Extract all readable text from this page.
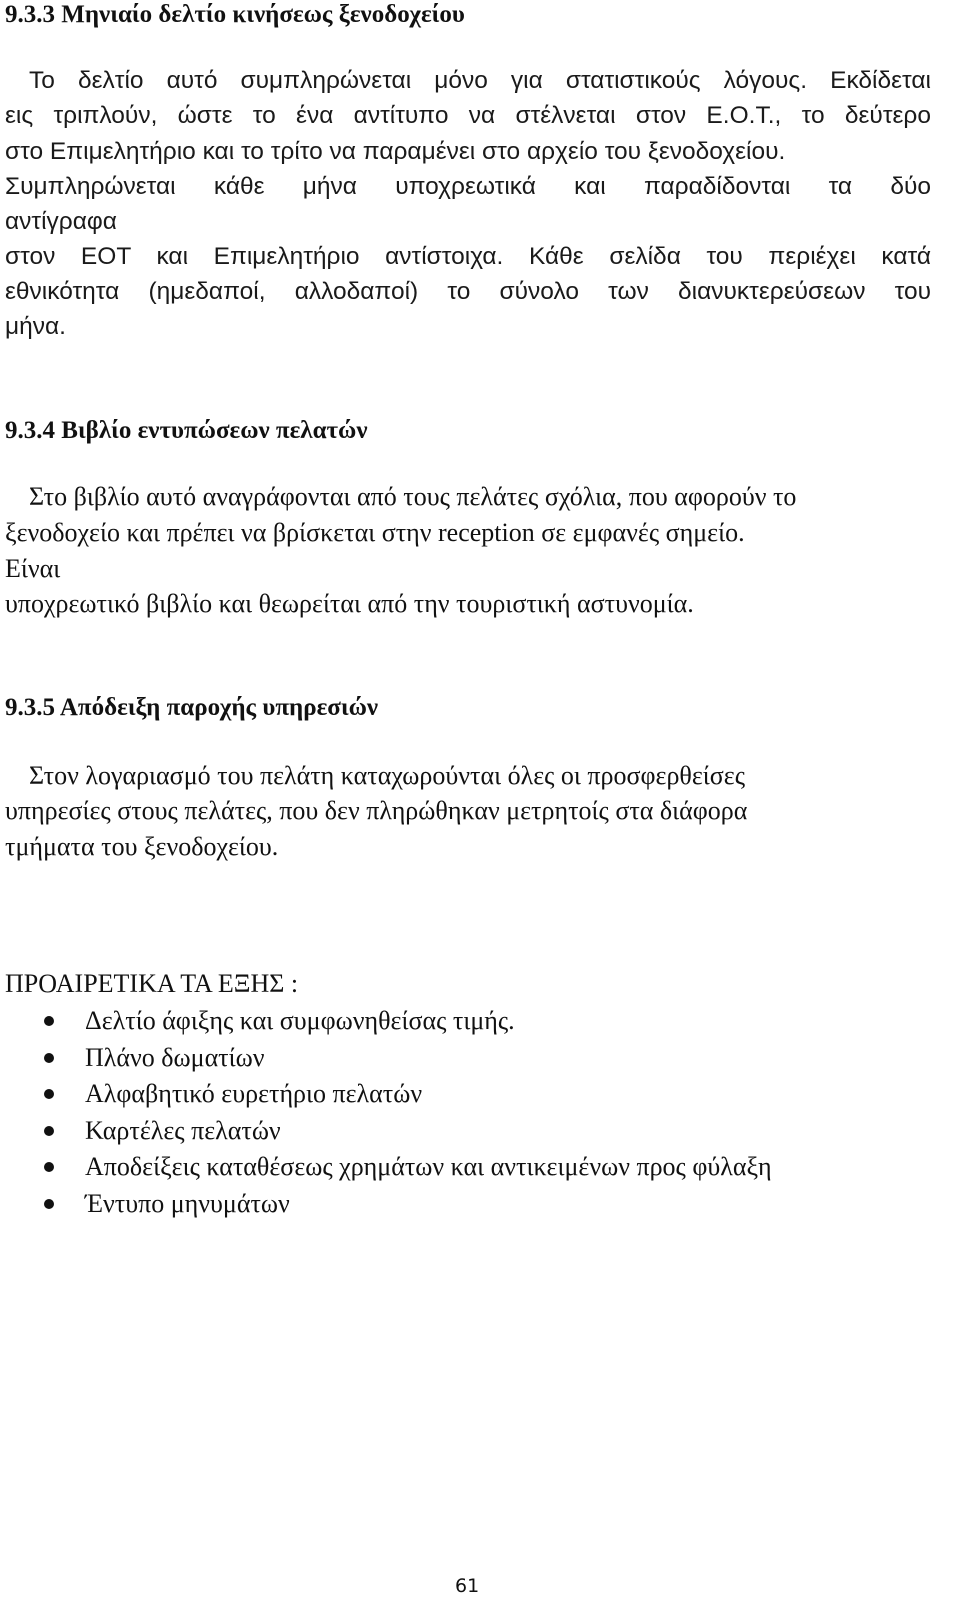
9.3.3 Μηνιαίο δελτίο κινήσεως ξενοδοχείου

Το δελτίο αυτό συμπληρώνεται μόνο για στατιστικούς λόγους. Εκδίδεται

εις τριπλούν, ώστε το ένα αντίτυπο να στέλνεται στον Ε.Ο.Τ., το δεύτερο

στο Επιμελητήριο και το τρίτο να παραμένει στο αρχείο του ξενοδοχείου.

Συμπληρώνεται κάθε μήνα υποχρεωτικά και παραδίδονται τα δύο

αντίγραφα

στον ΕΟΤ και Επιμελητήριο αντίστοιχα. Κάθε σελίδα του περιέχει κατά

εθνικότητα (ημεδαποί, αλλοδαποί) το σύνολο των διανυκτερεύσεων του

μήνα.

9.3.4 Βιβλίο εντυπώσεων πελατών

Στο βιβλίο αυτό αναγράφονται από τους πελάτες σχόλια, που αφορούν το

ξενοδοχείο και πρέπει να βρίσκεται στην reception σε εμφανές σημείο.

Είναι

υποχρεωτικό βιβλίο και θεωρείται από την τουριστική αστυνομία.

9.3.5 Απόδειξη παροχής υπηρεσιών

Στον λογαριασμό του πελάτη καταχωρούνται όλες οι προσφερθείσες

υπηρεσίες στους πελάτες, που δεν πληρώθηκαν μετρητοίς στα διάφορα

τμήματα του ξενοδοχείου.

ΠΡΟΑΙΡΕΤΙΚΑ ΤΑ ΕΞΗΣ :

Δελτίο άφιξης και συμφωνηθείσας τιμής.

Πλάνο δωματίων

Αλφαβητικό ευρετήριο πελατών

Καρτέλες πελατών

Αποδείξεις καταθέσεως χρημάτων και αντικειμένων προς φύλαξη

Έντυπο μηνυμάτων

61
